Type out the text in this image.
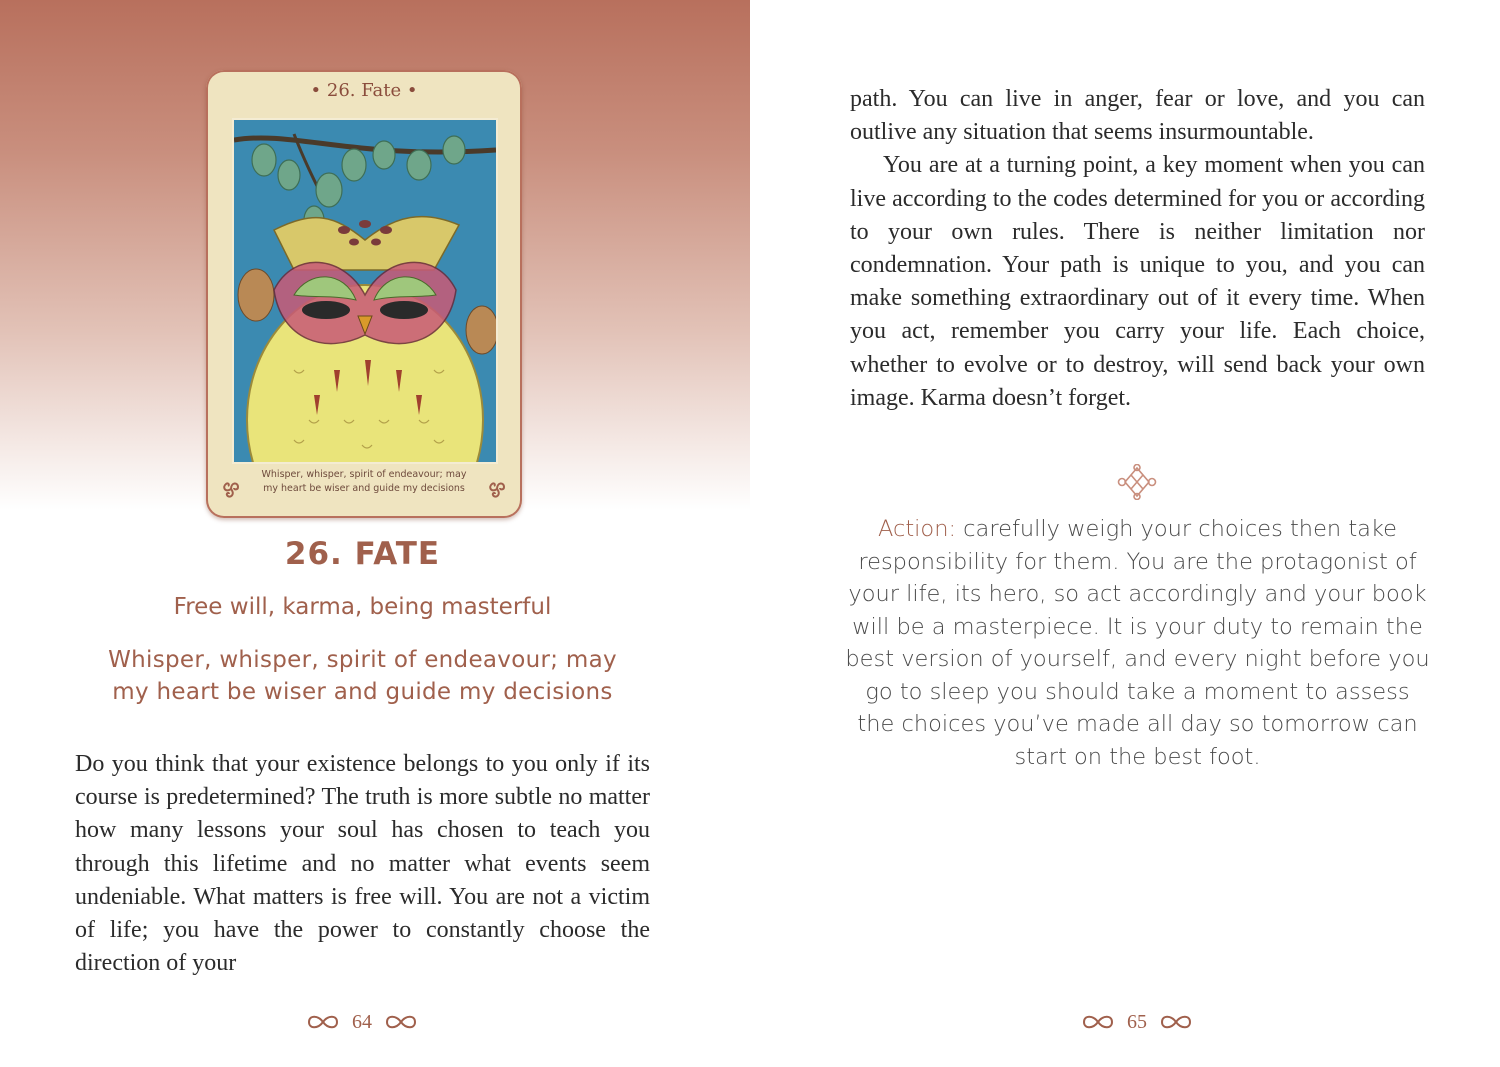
• 26. Fate •
Whisper, whisper, spirit of endeavour; may
my heart be wiser and guide my decisions
26. FATE
Free will, karma, being masterful
Whisper, whisper, spirit of endeavour; may
my heart be wiser and guide my decisions

Do you think that your existence belongs to you only if its course is predetermined? The truth is more subtle no matter how many lessons your soul has chosen to teach you through this lifetime and no matter what events seem undeniable. What matters is free will. You are not a victim of life; you have the power to constantly choose the direction of your

64

path. You can live in anger, fear or love, and you can outlive any situation that seems insurmountable.

You are at a turning point, a key moment when you can live according to the codes determined for you or according to your own rules. There is neither limitation nor condemnation. Your path is unique to you, and you can make something extraordinary out of it every time. When you act, remember you carry your life. Each choice, whether to evolve or to destroy, will send back your own image. Karma doesn’t forget.

Action: carefully weigh your choices then take responsibility for them. You are the protagonist of your life, its hero, so act accordingly and your book will be a masterpiece. It is your duty to remain the best version of yourself, and every night before you go to sleep you should take a moment to assess the choices you’ve made all day so tomorrow can start on the best foot.

65
